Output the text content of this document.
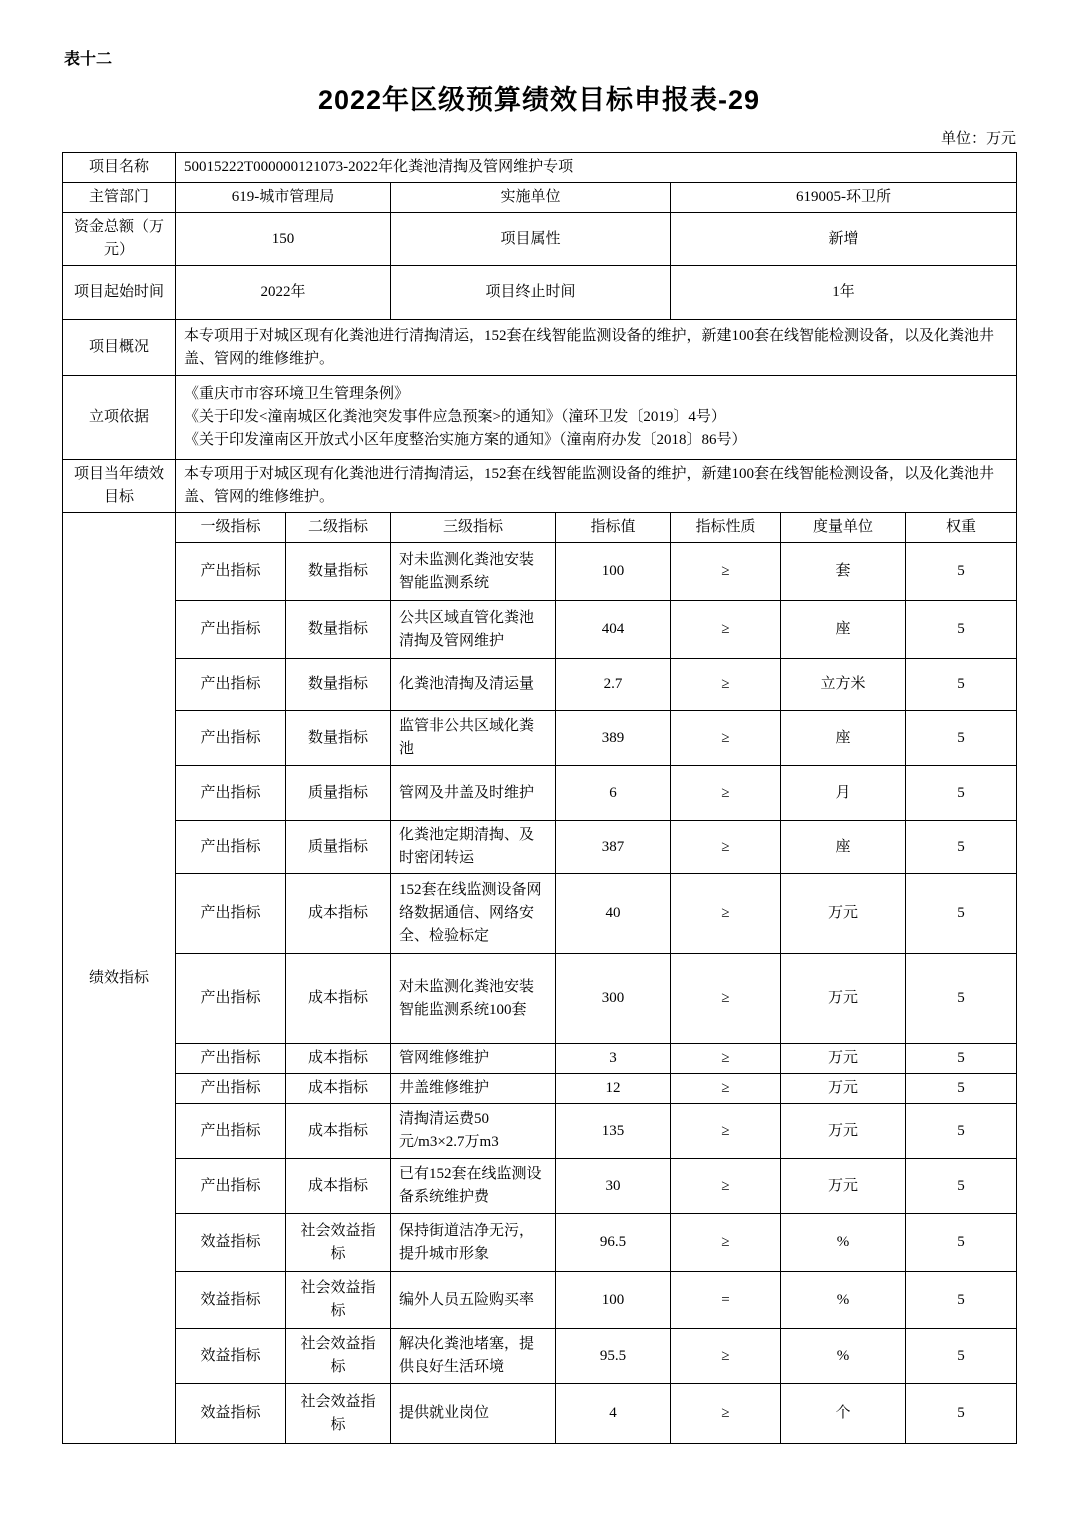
表十二
2022年区级预算绩效目标申报表-29
单位：万元
项目名称	50015222T000000121073-2022年化粪池清掏及管网维护专项						
主管部门	619-城市管理局		实施单位		619005-环卫所		
资金总额（万元）	150		项目属性		新增		
项目起始时间	2022年		项目终止时间		1年		
项目概况	本专项用于对城区现有化粪池进行清掏清运，152套在线智能监测设备的维护，新建100套在线智能检测设备，以及化粪池井盖、管网的维修维护。						
立项依据	《重庆市市容环境卫生管理条例》
《关于印发<潼南城区化粪池突发事件应急预案>的通知》（潼环卫发〔2019〕4号）
《关于印发潼南区开放式小区年度整治实施方案的通知》（潼南府办发〔2018〕86号）						

项目当年绩效目标	本专项用于对城区现有化粪池进行清掏清运，152套在线智能监测设备的维护，新建100套在线智能检测设备，以及化粪池井盖、管网的维修维护。						
绩效指标	一级指标	二级指标	三级指标	指标值	指标性质	度量单位	权重
	产出指标	数量指标	对未监测化粪池安装智能监测系统	100	≥	套	5
	产出指标	数量指标	公共区域直管化粪池清掏及管网维护	404	≥	座	5
	产出指标	数量指标	化粪池清掏及清运量	2.7	≥	立方米	5
	产出指标	数量指标	监管非公共区域化粪池	389	≥	座	5
	产出指标	质量指标	管网及井盖及时维护	6	≥	月	5
	产出指标	质量指标	化粪池定期清掏、及时密闭转运	387	≥	座	5
	产出指标	成本指标	152套在线监测设备网络数据通信、网络安全、检验标定	40	≥	万元	5
	产出指标	成本指标	对未监测化粪池安装智能监测系统100套	300	≥	万元	5
	产出指标	成本指标	管网维修维护	3	≥	万元	5
	产出指标	成本指标	井盖维修维护	12	≥	万元	5
	产出指标	成本指标	清掏清运费50元/m3×2.7万m3	135	≥	万元	5
	产出指标	成本指标	已有152套在线监测设备系统维护费	30	≥	万元	5
	效益指标	社会效益指标	保持街道洁净无污，提升城市形象	96.5	≥	%	5
	效益指标	社会效益指标	编外人员五险购买率	100	=	%	5
	效益指标	社会效益指标	解决化粪池堵塞，提供良好生活环境	95.5	≥	%	5
	效益指标	社会效益指标	提供就业岗位	4	≥	个	5
